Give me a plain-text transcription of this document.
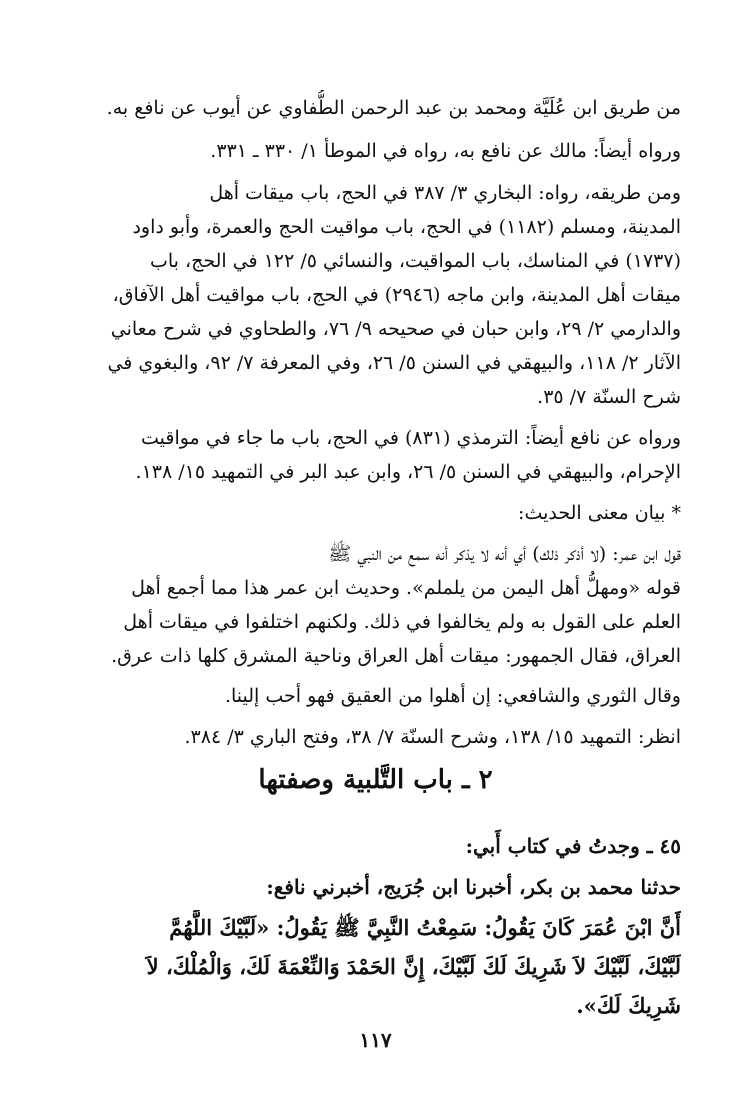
من طريق ابن عُلَيَّة ومحمد بن عبد الرحمن الطُّفاوي عن أيوب عن نافع به.
ورواه أيضاً: مالك عن نافع به، رواه في الموطأ ١/ ٣٣٠ ـ ٣٣١.
ومن طريقه، رواه: البخاري ٣/ ٣٨٧ في الحج، باب ميقات أهل
المدينة، ومسلم (١١٨٢) في الحج، باب مواقيت الحج والعمرة، وأبو داود
(١٧٣٧) في المناسك، باب المواقيت، والنسائي ٥/ ١٢٢ في الحج، باب
ميقات أهل المدينة، وابن ماجه (٢٩٤٦) في الحج، باب مواقيت أهل الآفاق،
والدارمي ٢/ ٢٩، وابن حبان في صحيحه ٩/ ٧٦، والطحاوي في شرح معاني
الآثار ٢/ ١١٨، والبيهقي في السنن ٥/ ٢٦، وفي المعرفة ٧/ ٩٢، والبغوي في
شرح السنّة ٧/ ٣٥.
ورواه عن نافع أيضاً: الترمذي (٨٣١) في الحج، باب ما جاء في مواقيت
الإحرام، والبيهقي في السنن ٥/ ٢٦، وابن عبد البر في التمهيد ١٥/ ١٣٨.
* بيان معنى الحديث:
قول ابن عمر: (لا أذكر ذلك) أي أنه لا يذكر أنه سمع من النبي ﷺ
قوله «ومهلُّ أهل اليمن من يلملم». وحديث ابن عمر هذا مما أجمع أهل
العلم على القول به ولم يخالفوا في ذلك. ولكنهم اختلفوا في ميقات أهل
العراق، فقال الجمهور: ميقات أهل العراق وناحية المشرق كلها ذات عرق.
وقال الثوري والشافعي: إن أهلوا من العقيق فهو أحب إلينا.
انظر: التمهيد ١٥/ ١٣٨، وشرح السنّة ٧/ ٣٨، وفتح الباري ٣/ ٣٨٤.
٢ ـ باب التَّلبية وصفتها
٤٥ ـ وجدتُ في كتاب أَبي:
حدثنا محمد بن بكر، أخبرنا ابن جُرَيج، أخبرني نافع:
أَنَّ ابْنَ عُمَرَ كَانَ يَقُولُ: سَمِعْتُ النَّبِيَّ ﷺ يَقُولُ: «لَبَّيْكَ اللَّهُمَّ
لَبَّيْكَ، لَبَّيْكَ لاَ شَرِيكَ لَكَ لَبَّيْكَ، إِنَّ الحَمْدَ وَالنِّعْمَةَ لَكَ، وَالْمُلْكَ، لاَ
شَرِيكَ لَكَ».
١١٧
